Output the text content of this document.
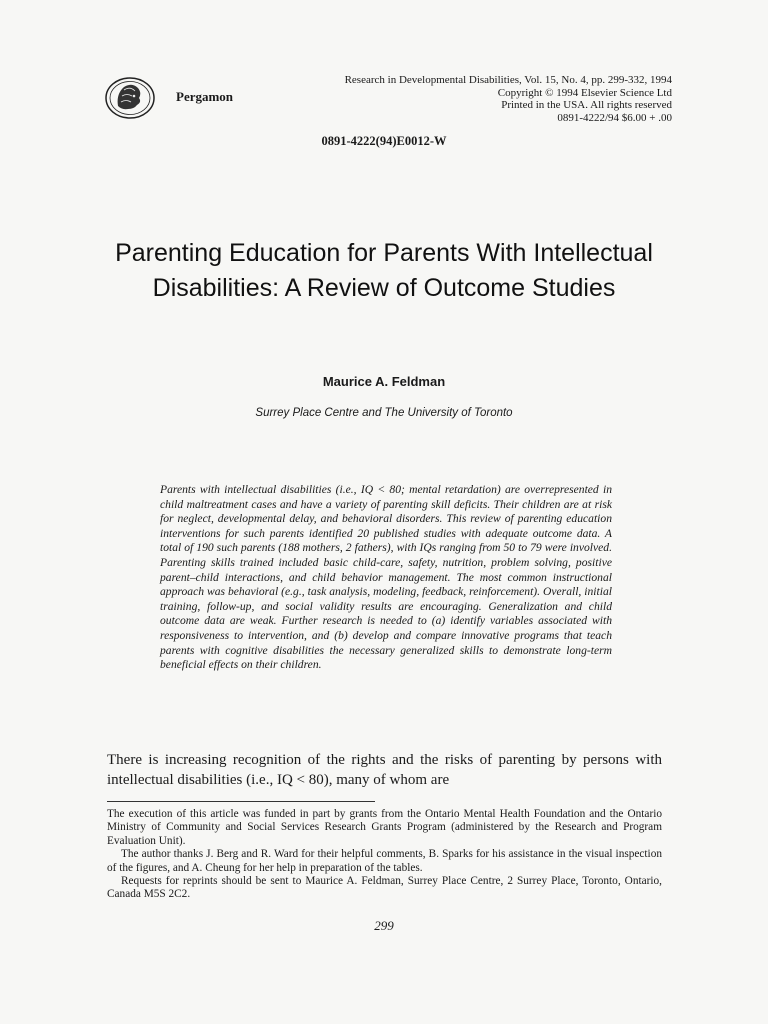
Pergamon
Research in Developmental Disabilities, Vol. 15, No. 4, pp. 299-332, 1994
Copyright © 1994 Elsevier Science Ltd
Printed in the USA. All rights reserved
0891-4222/94 $6.00 + .00
0891-4222(94)E0012-W
Parenting Education for Parents With Intellectual Disabilities: A Review of Outcome Studies
Maurice A. Feldman
Surrey Place Centre and The University of Toronto
Parents with intellectual disabilities (i.e., IQ < 80; mental retardation) are overrepresented in child maltreatment cases and have a variety of parenting skill deficits. Their children are at risk for neglect, developmental delay, and behavioral disorders. This review of parenting education interventions for such parents identified 20 published studies with adequate outcome data. A total of 190 such parents (188 mothers, 2 fathers), with IQs ranging from 50 to 79 were involved. Parenting skills trained included basic child-care, safety, nutrition, problem solving, positive parent–child interactions, and child behavior management. The most common instructional approach was behavioral (e.g., task analysis, modeling, feedback, reinforcement). Overall, initial training, follow-up, and social validity results are encouraging. Generalization and child outcome data are weak. Further research is needed to (a) identify variables associated with responsiveness to intervention, and (b) develop and compare innovative programs that teach parents with cognitive disabilities the necessary generalized skills to demonstrate long-term beneficial effects on their children.
There is increasing recognition of the rights and the risks of parenting by persons with intellectual disabilities (i.e., IQ < 80), many of whom are

The execution of this article was funded in part by grants from the Ontario Mental Health Foundation and the Ontario Ministry of Community and Social Services Research Grants Program (administered by the Research and Program Evaluation Unit).

The author thanks J. Berg and R. Ward for their helpful comments, B. Sparks for his assistance in the visual inspection of the figures, and A. Cheung for her help in preparation of the tables.

Requests for reprints should be sent to Maurice A. Feldman, Surrey Place Centre, 2 Surrey Place, Toronto, Ontario, Canada M5S 2C2.

299
